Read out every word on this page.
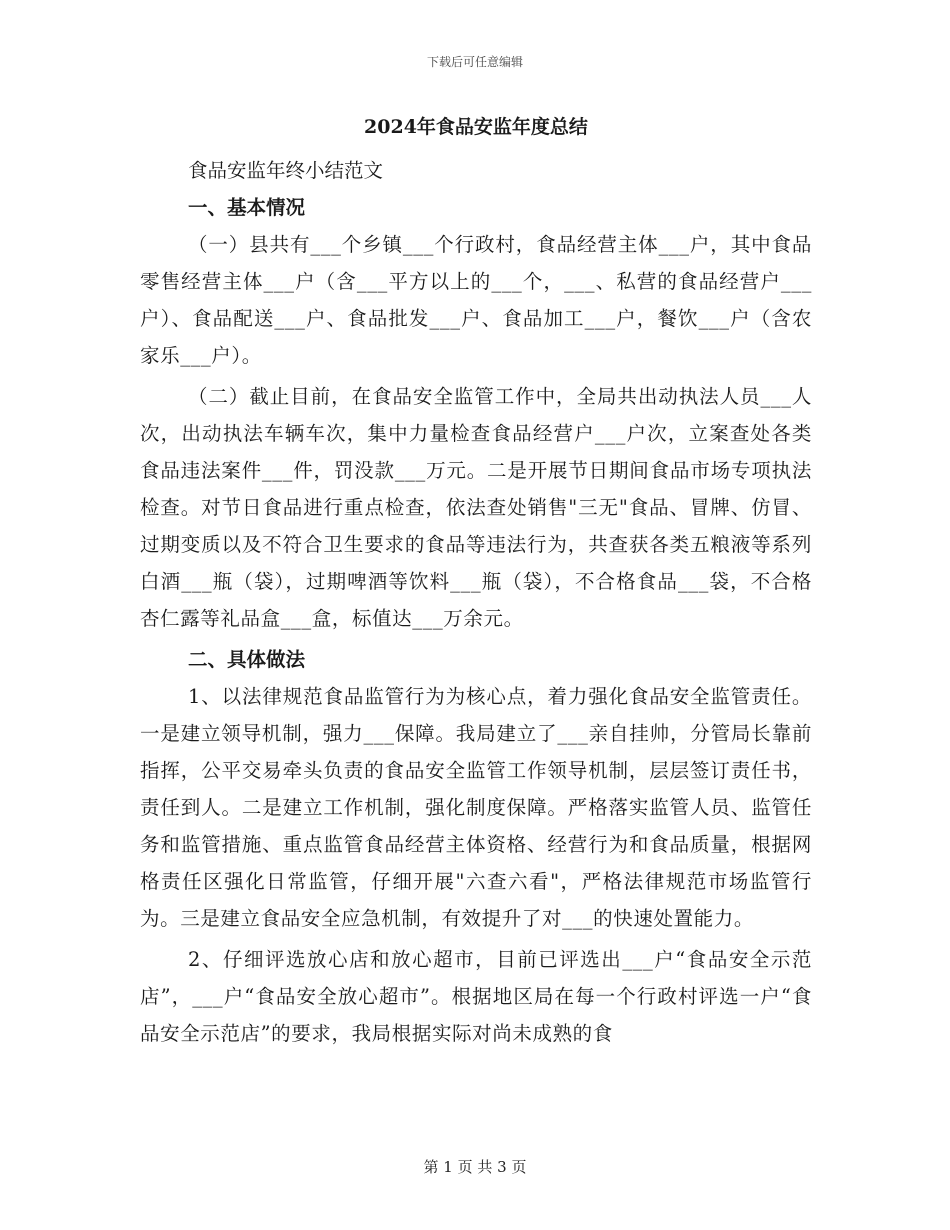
下载后可任意编辑
2024年食品安监年度总结

食品安监年终小结范文

一、基本情况

（一）县共有___个乡镇___个行政村，食品经营主体___户，其中食品零售经营主体___户（含___平方以上的___个，___、私营的食品经营户___户）、食品配送___户、食品批发___户、食品加工___户，餐饮___户（含农家乐___户）。

（二）截止目前，在食品安全监管工作中，全局共出动执法人员___人次，出动执法车辆车次，集中力量检查食品经营户___户次，立案查处各类食品违法案件___件，罚没款___万元。二是开展节日期间食品市场专项执法检查。对节日食品进行重点检查，依法查处销售"三无"食品、冒牌、仿冒、过期变质以及不符合卫生要求的食品等违法行为，共查获各类五粮液等系列白酒___瓶（袋），过期啤酒等饮料___瓶（袋），不合格食品___袋，不合格杏仁露等礼品盒___盒，标值达___万余元。

二、具体做法

1、以法律规范食品监管行为为核心点，着力强化食品安全监管责任。一是建立领导机制，强力___保障。我局建立了___亲自挂帅，分管局长靠前指挥，公平交易牵头负责的食品安全监管工作领导机制，层层签订责任书，责任到人。二是建立工作机制，强化制度保障。严格落实监管人员、监管任务和监管措施、重点监管食品经营主体资格、经营行为和食品质量，根据网格责任区强化日常监管，仔细开展"六查六看"，严格法律规范市场监管行为。三是建立食品安全应急机制，有效提升了对___的快速处置能力。

2、仔细评选放心店和放心超市，目前已评选出___户“食品安全示范店”，___户“食品安全放心超市”。根据地区局在每一个行政村评选一户“食品安全示范店”的要求，我局根据实际对尚未成熟的食

第 1 页 共 3 页
